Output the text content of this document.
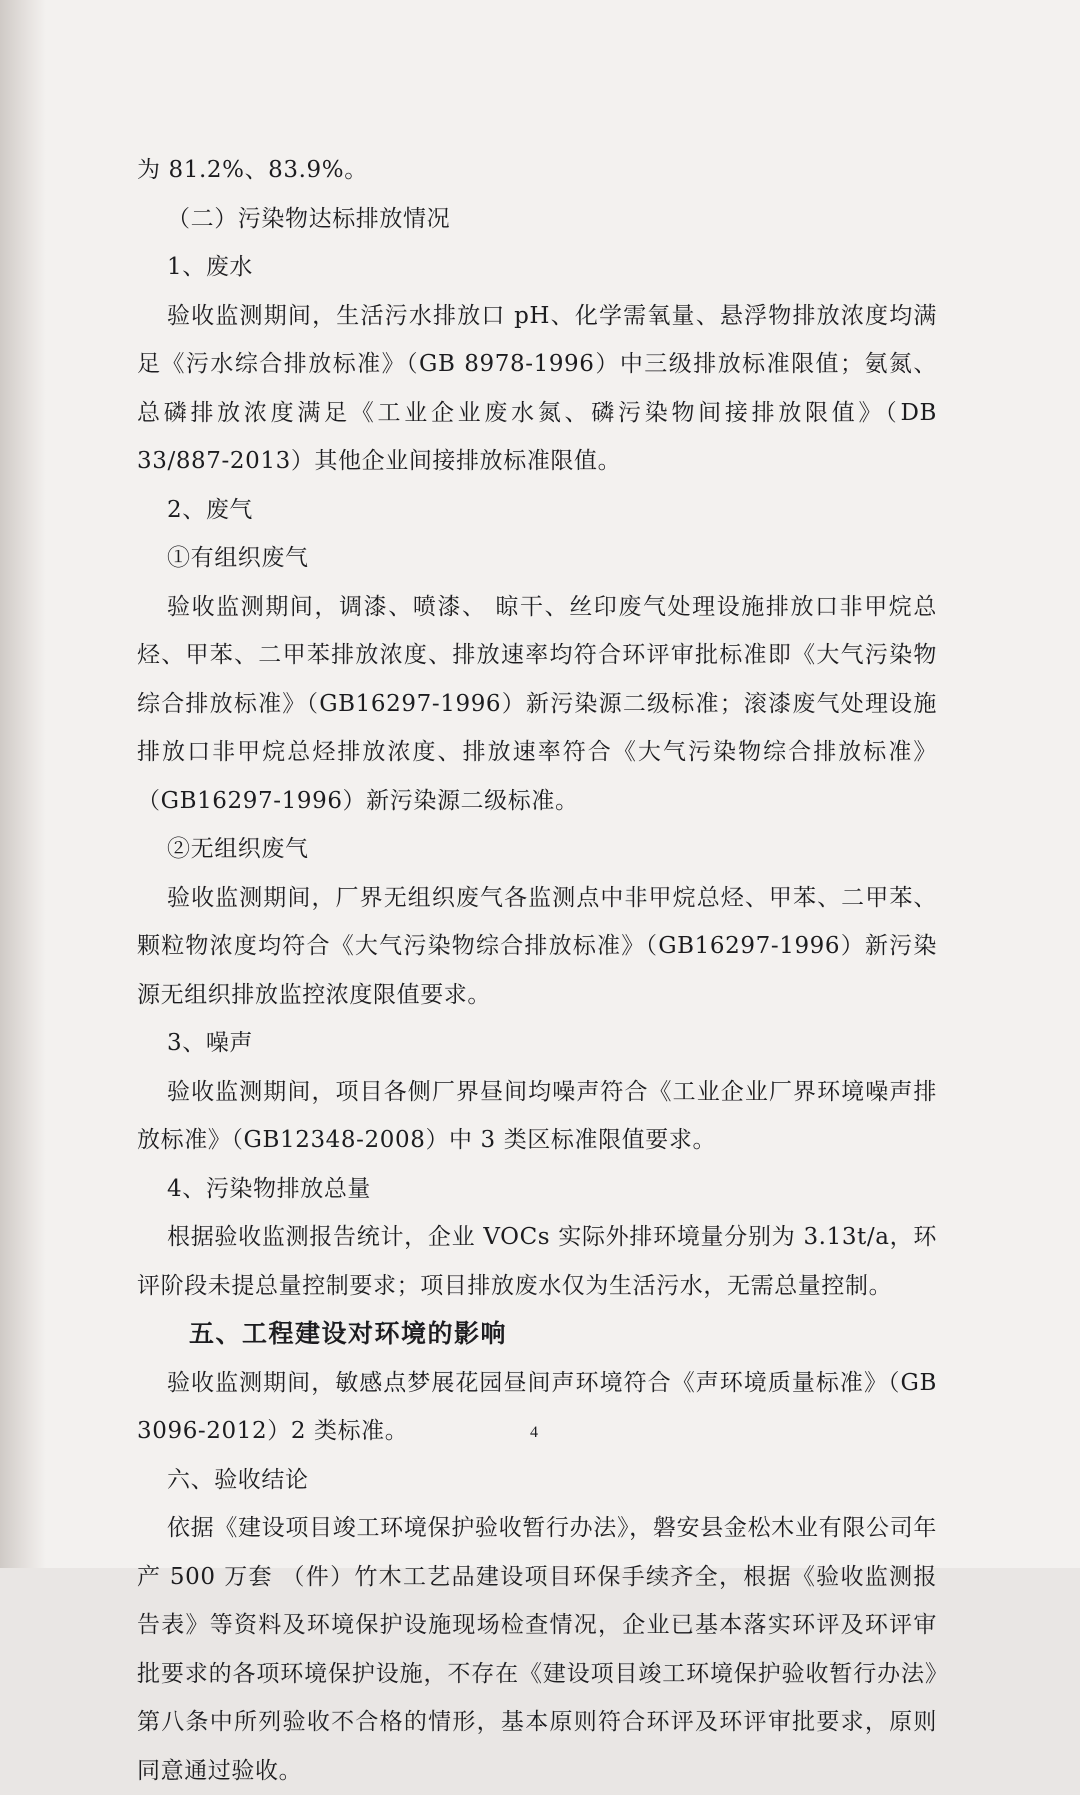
为 81.2%、83.9%。

（二）污染物达标排放情况

1、废水

验收监测期间，生活污水排放口 pH、化学需氧量、悬浮物排放浓度均满足《污水综合排放标准》（GB 8978-1996）中三级排放标准限值；氨氮、总磷排放浓度满足《工业企业废水氮、磷污染物间接排放限值》（DB 33/887-2013）其他企业间接排放标准限值。

2、废气

①有组织废气

验收监测期间，调漆、喷漆、 晾干、丝印废气处理设施排放口非甲烷总烃、甲苯、二甲苯排放浓度、排放速率均符合环评审批标准即《大气污染物综合排放标准》（GB16297-1996）新污染源二级标准；滚漆废气处理设施排放口非甲烷总烃排放浓度、排放速率符合《大气污染物综合排放标准》（GB16297-1996）新污染源二级标准。

②无组织废气

验收监测期间，厂界无组织废气各监测点中非甲烷总烃、甲苯、二甲苯、颗粒物浓度均符合《大气污染物综合排放标准》（GB16297-1996）新污染源无组织排放监控浓度限值要求。

3、噪声

验收监测期间，项目各侧厂界昼间均噪声符合《工业企业厂界环境噪声排放标准》（GB12348-2008）中 3 类区标准限值要求。

4、污染物排放总量

根据验收监测报告统计，企业 VOCs 实际外排环境量分别为 3.13t/a，环评阶段未提总量控制要求；项目排放废水仅为生活污水，无需总量控制。

五、工程建设对环境的影响

验收监测期间，敏感点梦展花园昼间声环境符合《声环境质量标准》（GB 3096-2012）2 类标准。

六、验收结论

依据《建设项目竣工环境保护验收暂行办法》，磐安县金松木业有限公司年产 500 万套 （件）竹木工艺品建设项目环保手续齐全，根据《验收监测报告表》等资料及环境保护设施现场检查情况，企业已基本落实环评及环评审批要求的各项环境保护设施，不存在《建设项目竣工环境保护验收暂行办法》第八条中所列验收不合格的情形，基本原则符合环评及环评审批要求，原则同意通过验收。

4
